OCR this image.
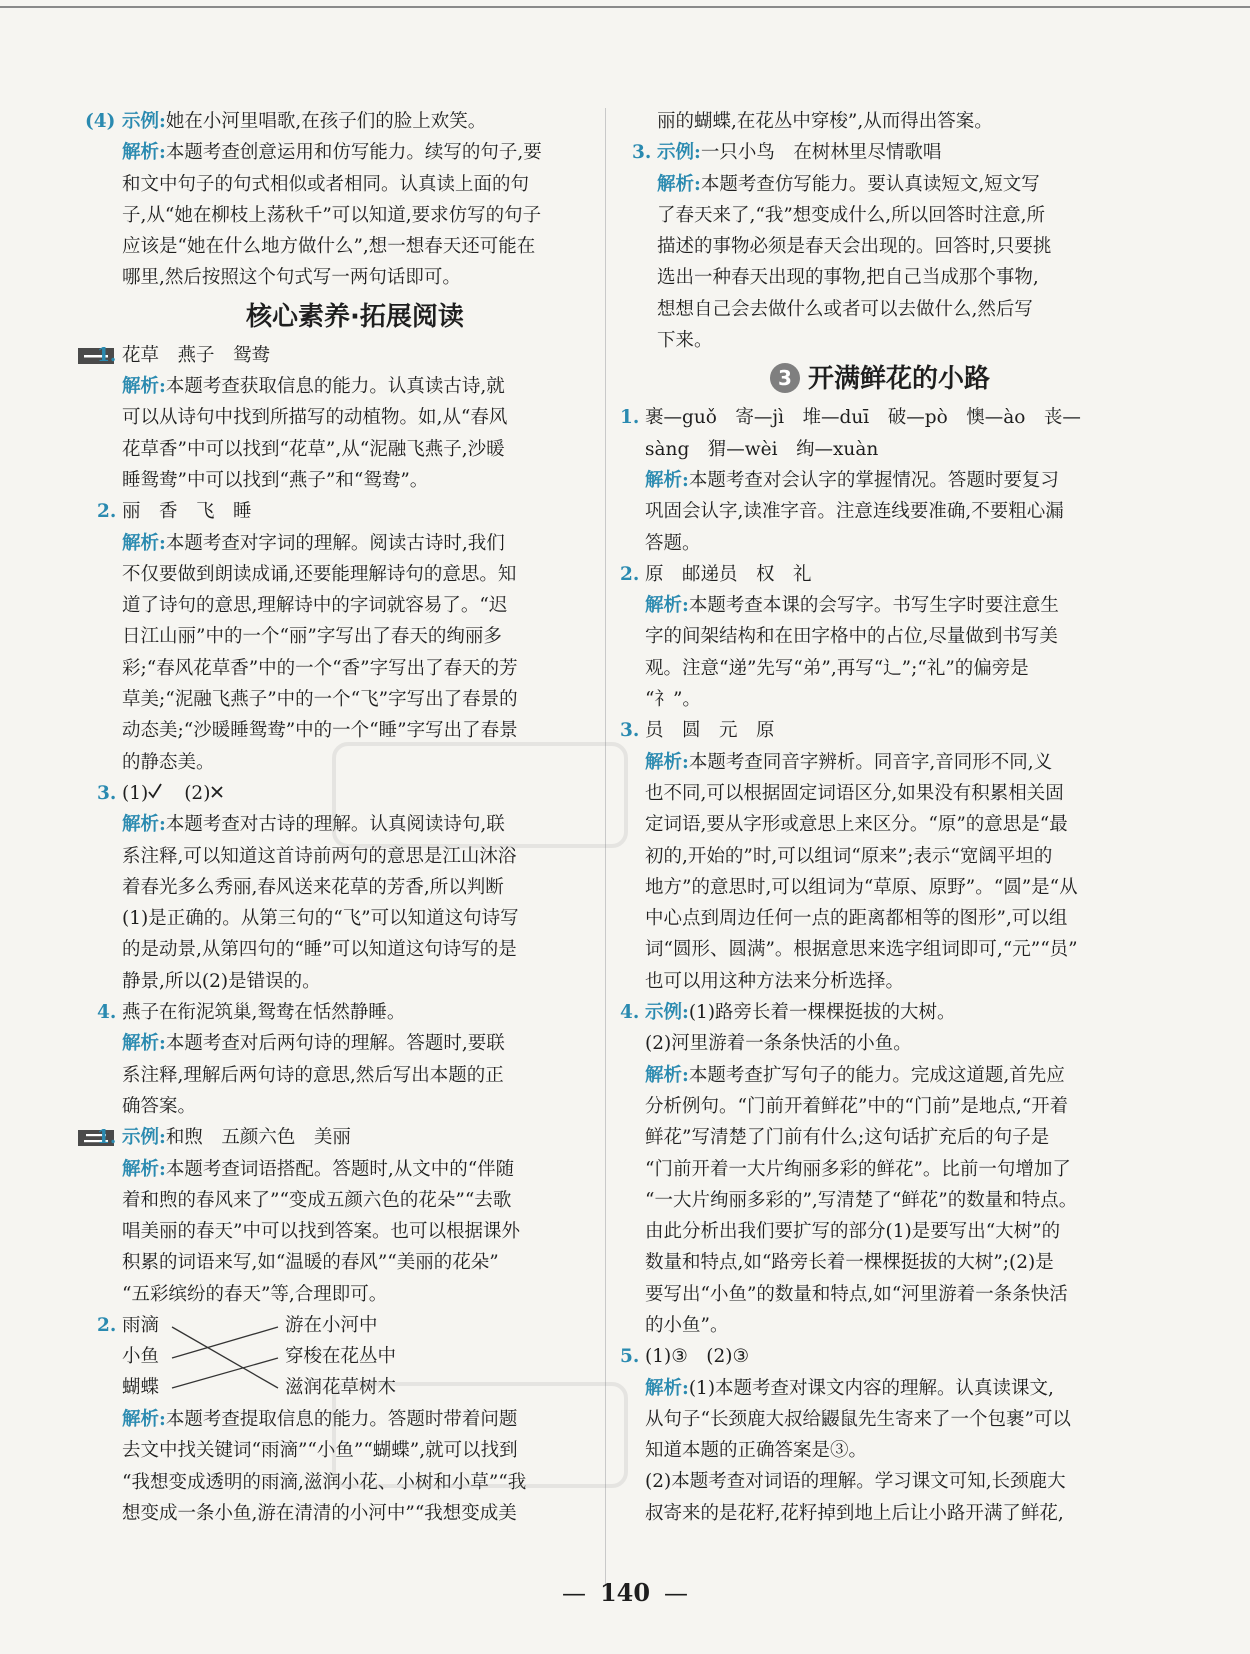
(4) 示例:她在小河里唱歌,在孩子们的脸上欢笑。
解析:本题考查创意运用和仿写能力。续写的句子,要
和文中句子的句式相似或者相同。认真读上面的句
子,从“她在柳枝上荡秋千”可以知道,要求仿写的句子
应该是“她在什么地方做什么”,想一想春天还可能在
哪里,然后按照这个句式写一两句话即可。
核心素养·拓展阅读
1. 花草　燕子　鸳鸯
解析:本题考查获取信息的能力。认真读古诗,就
可以从诗句中找到所描写的动植物。如,从“春风
花草香”中可以找到“花草”,从“泥融飞燕子,沙暖
睡鸳鸯”中可以找到“燕子”和“鸳鸯”。
2. 丽　香　飞　睡
解析:本题考查对字词的理解。阅读古诗时,我们
不仅要做到朗读成诵,还要能理解诗句的意思。知
道了诗句的意思,理解诗中的字词就容易了。“迟
日江山丽”中的一个“丽”字写出了春天的绚丽多
彩;“春风花草香”中的一个“香”字写出了春天的芳
草美;“泥融飞燕子”中的一个“飞”字写出了春景的
动态美;“沙暖睡鸳鸯”中的一个“睡”字写出了春景
的静态美。
3. (1) (2)
解析:本题考查对古诗的理解。认真阅读诗句,联
系注释,可以知道这首诗前两句的意思是江山沐浴
着春光多么秀丽,春风送来花草的芳香,所以判断
(1)是正确的。从第三句的“飞”可以知道这句诗写
的是动景,从第四句的“睡”可以知道这句诗写的是
静景,所以(2)是错误的。
4. 燕子在衔泥筑巢,鸳鸯在恬然静睡。
解析:本题考查对后两句诗的理解。答题时,要联
系注释,理解后两句诗的意思,然后写出本题的正
确答案。
1. 示例:和煦　五颜六色　美丽
解析:本题考查词语搭配。答题时,从文中的“伴随
着和煦的春风来了”“变成五颜六色的花朵”“去歌
唱美丽的春天”中可以找到答案。也可以根据课外
积累的词语来写,如“温暖的春风”“美丽的花朵”
“五彩缤纷的春天”等,合理即可。
2. 雨滴
小鱼
蝴蝶
游在小河中
穿梭在花丛中
滋润花草树木
解析:本题考查提取信息的能力。答题时带着问题
去文中找关键词“雨滴”“小鱼”“蝴蝶”,就可以找到
“我想变成透明的雨滴,滋润小花、小树和小草”“我
想变成一条小鱼,游在清清的小河中”“我想变成美
丽的蝴蝶,在花丛中穿梭”,从而得出答案。
3. 示例:一只小鸟　在树林里尽情歌唱
解析:本题考查仿写能力。要认真读短文,短文写
了春天来了,“我”想变成什么,所以回答时注意,所
描述的事物必须是春天会出现的。回答时,只要挑
选出一种春天出现的事物,把自己当成那个事物,
想想自己会去做什么或者可以去做什么,然后写
下来。
3 开满鲜花的小路
1. 裹—guǒ　寄—jì　堆—duī　破—pò　懊—ào　丧—
sàng　猬—wèi　绚—xuàn
解析:本题考查对会认字的掌握情况。答题时要复习
巩固会认字,读准字音。注意连线要准确,不要粗心漏
答题。
2. 原　邮递员　权　礼
解析:本题考查本课的会写字。书写生字时要注意生
字的间架结构和在田字格中的占位,尽量做到书写美
观。注意“递”先写“弟”,再写“辶”;“礼”的偏旁是
“礻”。
3. 员　圆　元　原
解析:本题考查同音字辨析。同音字,音同形不同,义
也不同,可以根据固定词语区分,如果没有积累相关固
定词语,要从字形或意思上来区分。“原”的意思是“最
初的,开始的”时,可以组词“原来”;表示“宽阔平坦的
地方”的意思时,可以组词为“草原、原野”。“圆”是“从
中心点到周边任何一点的距离都相等的图形”,可以组
词“圆形、圆满”。根据意思来选字组词即可,“元”“员”
也可以用这种方法来分析选择。
4. 示例:(1)路旁长着一棵棵挺拔的大树。
(2)河里游着一条条快活的小鱼。
解析:本题考查扩写句子的能力。完成这道题,首先应
分析例句。“门前开着鲜花”中的“门前”是地点,“开着
鲜花”写清楚了门前有什么;这句话扩充后的句子是
“门前开着一大片绚丽多彩的鲜花”。比前一句增加了
“一大片绚丽多彩的”,写清楚了“鲜花”的数量和特点。
由此分析出我们要扩写的部分(1)是要写出“大树”的
数量和特点,如“路旁长着一棵棵挺拔的大树”;(2)是
要写出“小鱼”的数量和特点,如“河里游着一条条快活
的小鱼”。
5. (1)③　(2)③
解析:(1)本题考查对课文内容的理解。认真读课文,
从句子“长颈鹿大叔给鼹鼠先生寄来了一个包裹”可以
知道本题的正确答案是③。
(2)本题考查对词语的理解。学习课文可知,长颈鹿大
叔寄来的是花籽,花籽掉到地上后让小路开满了鲜花,
— 140 —
